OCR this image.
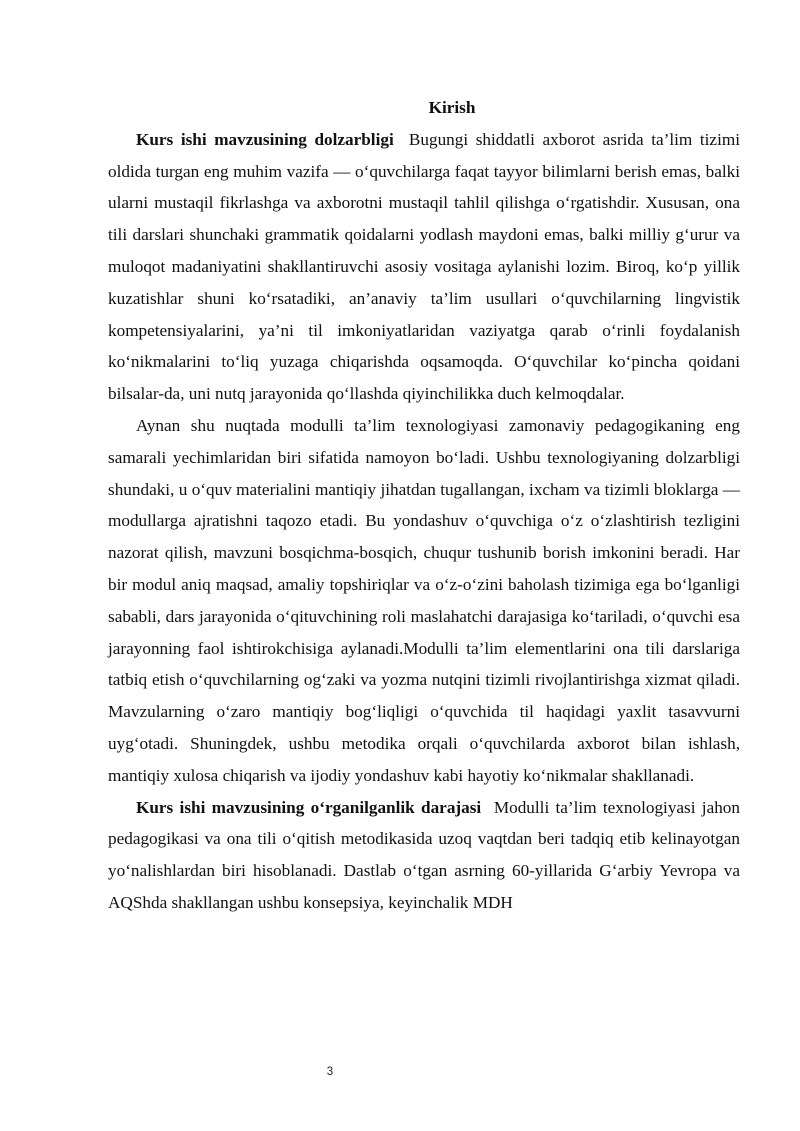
Kirish

Kurs ishi mavzusining dolzarbligi Bugungi shiddatli axborot asrida ta’lim tizimi oldida turgan eng muhim vazifa — o‘quvchilarga faqat tayyor bilimlarni berish emas, balki ularni mustaqil fikrlashga va axborotni mustaqil tahlil qilishga o‘rgatishdir. Xususan, ona tili darslari shunchaki grammatik qoidalarni yodlash maydoni emas, balki milliy g‘urur va muloqot madaniyatini shakllantiruvchi asosiy vositaga aylanishi lozim. Biroq, ko‘p yillik kuzatishlar shuni ko‘rsatadiki, an’anaviy ta’lim usullari o‘quvchilarning lingvistik kompetensiyalarini, ya’ni til imkoniyatlaridan vaziyatga qarab o‘rinli foydalanish ko‘nikmalarini to‘liq yuzaga chiqarishda oqsamoqda. O‘quvchilar ko‘pincha qoidani bilsalar-da, uni nutq jarayonida qo‘llashda qiyinchilikka duch kelmoqdalar.

Aynan shu nuqtada modulli ta’lim texnologiyasi zamonaviy pedagogikaning eng samarali yechimlaridan biri sifatida namoyon bo‘ladi. Ushbu texnologiyaning dolzarbligi shundaki, u o‘quv materialini mantiqiy jihatdan tugallangan, ixcham va tizimli bloklarga — modullarga ajratishni taqozo etadi. Bu yondashuv o‘quvchiga o‘z o‘zlashtirish tezligini nazorat qilish, mavzuni bosqichma-bosqich, chuqur tushunib borish imkonini beradi. Har bir modul aniq maqsad, amaliy topshiriqlar va o‘z-o‘zini baholash tizimiga ega bo‘lganligi sababli, dars jarayonida o‘qituvchining roli maslahatchi darajasiga ko‘tariladi, o‘quvchi esa jarayonning faol ishtirokchisiga aylanadi.Modulli ta’lim elementlarini ona tili darslariga tatbiq etish o‘quvchilarning og‘zaki va yozma nutqini tizimli rivojlantirishga xizmat qiladi. Mavzularning o‘zaro mantiqiy bog‘liqligi o‘quvchida til haqidagi yaxlit tasavvurni uyg‘otadi. Shuningdek, ushbu metodika orqali o‘quvchilarda axborot bilan ishlash, mantiqiy xulosa chiqarish va ijodiy yondashuv kabi hayotiy ko‘nikmalar shakllanadi.

Kurs ishi mavzusining o‘rganilganlik darajasi Modulli ta’lim texnologiyasi jahon pedagogikasi va ona tili o‘qitish metodikasida uzoq vaqtdan beri tadqiq etib kelinayotgan yo‘nalishlardan biri hisoblanadi. Dastlab o‘tgan asrning 60-yillarida G‘arbiy Yevropa va AQShda shakllangan ushbu konsepsiya, keyinchalik MDH

3
